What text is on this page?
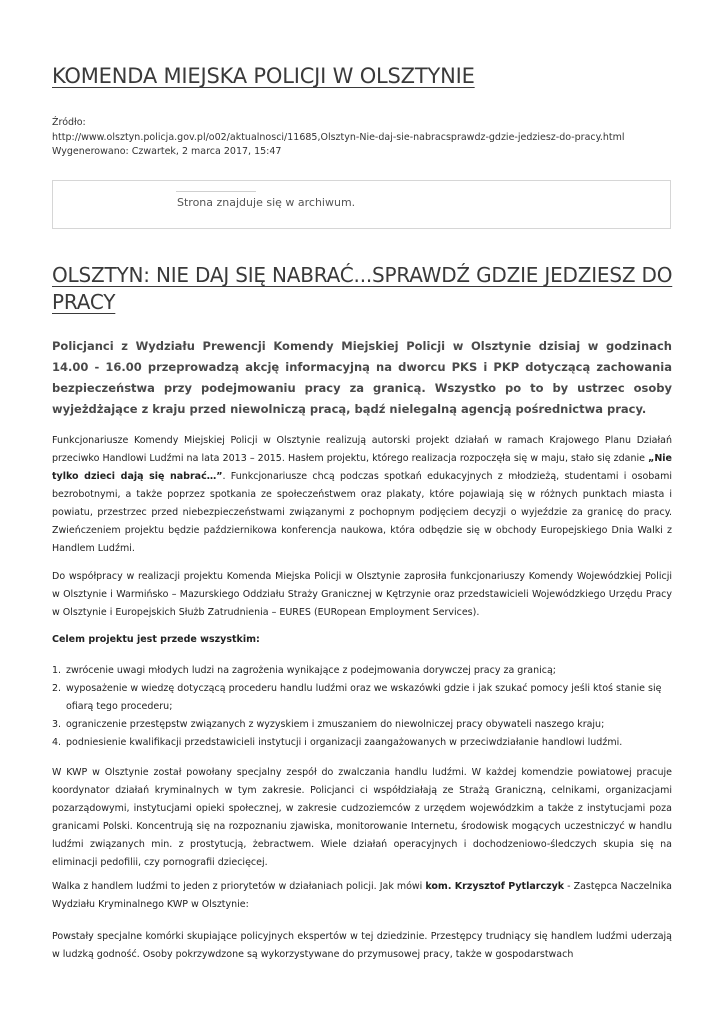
KOMENDA MIEJSKA POLICJI W OLSZTYNIE
Źródło:
http://www.olsztyn.policja.gov.pl/o02/aktualnosci/11685,Olsztyn-Nie-daj-sie-nabracsprawdz-gdzie-jedziesz-do-pracy.html
Wygenerowano: Czwartek, 2 marca 2017, 15:47
Strona znajduje się w archiwum.
OLSZTYN: NIE DAJ SIĘ NABRAĆ...SPRAWDŹ GDZIE JEDZIESZ DO PRACY

Policjanci z Wydziału Prewencji Komendy Miejskiej Policji w Olsztynie dzisiaj w godzinach 14.00 - 16.00 przeprowadzą akcję informacyjną na dworcu PKS i PKP dotyczącą zachowania bezpieczeństwa przy podejmowaniu pracy za granicą. Wszystko po to by ustrzec osoby wyjeżdżające z kraju przed niewolniczą pracą, bądź nielegalną agencją pośrednictwa pracy.

Funkcjonariusze Komendy Miejskiej Policji w Olsztynie realizują autorski projekt działań w ramach Krajowego Planu Działań przeciwko Handlowi Ludźmi na lata 2013 – 2015. Hasłem projektu, którego realizacja rozpoczęła się w maju, stało się zdanie „Nie tylko dzieci dają się nabrać…”. Funkcjonariusze chcą podczas spotkań edukacyjnych z młodzieżą, studentami i osobami bezrobotnymi, a także poprzez spotkania ze społeczeństwem oraz plakaty, które pojawiają się w różnych punktach miasta i powiatu, przestrzec przed niebezpieczeństwami związanymi z pochopnym podjęciem decyzji o wyjeździe za granicę do pracy. Zwieńczeniem projektu będzie październikowa konferencja naukowa, która odbędzie się w obchody Europejskiego Dnia Walki z Handlem Ludźmi.

Do współpracy w realizacji projektu Komenda Miejska Policji w Olsztynie zaprosiła funkcjonariuszy Komendy Wojewódzkiej Policji w Olsztynie i Warmińsko – Mazurskiego Oddziału Straży Granicznej w Kętrzynie oraz przedstawicieli Wojewódzkiego Urzędu Pracy w Olsztynie i Europejskich Służb Zatrudnienia – EURES (EURopean Employment Services).

Celem projektu jest przede wszystkim:

1. zwrócenie uwagi młodych ludzi na zagrożenia wynikające z podejmowania dorywczej pracy za granicą;
2. wyposażenie w wiedzę dotyczącą procederu handlu ludźmi oraz we wskazówki gdzie i jak szukać pomocy jeśli ktoś stanie się ofiarą tego procederu;
3. ograniczenie przestępstw związanych z wyzyskiem i zmuszaniem do niewolniczej pracy obywateli naszego kraju;
4. podniesienie kwalifikacji przedstawicieli instytucji i organizacji zaangażowanych w przeciwdziałanie handlowi ludźmi.

W KWP w Olsztynie został powołany specjalny zespół do zwalczania handlu ludźmi. W każdej komendzie powiatowej pracuje koordynator działań kryminalnych w tym zakresie. Policjanci ci współdziałają ze Strażą Graniczną, celnikami, organizacjami pozarządowymi, instytucjami opieki społecznej, w zakresie cudzoziemców z urzędem wojewódzkim a także z instytucjami poza granicami Polski. Koncentrują się na rozpoznaniu zjawiska, monitorowanie Internetu, środowisk mogących uczestniczyć w handlu ludźmi związanych min. z prostytucją, żebractwem. Wiele działań operacyjnych i dochodzeniowo-śledczych skupia się na eliminacji pedofilii, czy pornografii dziecięcej.

Walka z handlem ludźmi to jeden z priorytetów w działaniach policji. Jak mówi kom. Krzysztof Pytlarczyk - Zastępca Naczelnika Wydziału Kryminalnego KWP w Olsztynie:

Powstały specjalne komórki skupiające policyjnych ekspertów w tej dziedzinie. Przestępcy trudniący się handlem ludźmi uderzają w ludzką godność. Osoby pokrzywdzone są wykorzystywane do przymusowej pracy, także w gospodarstwach
